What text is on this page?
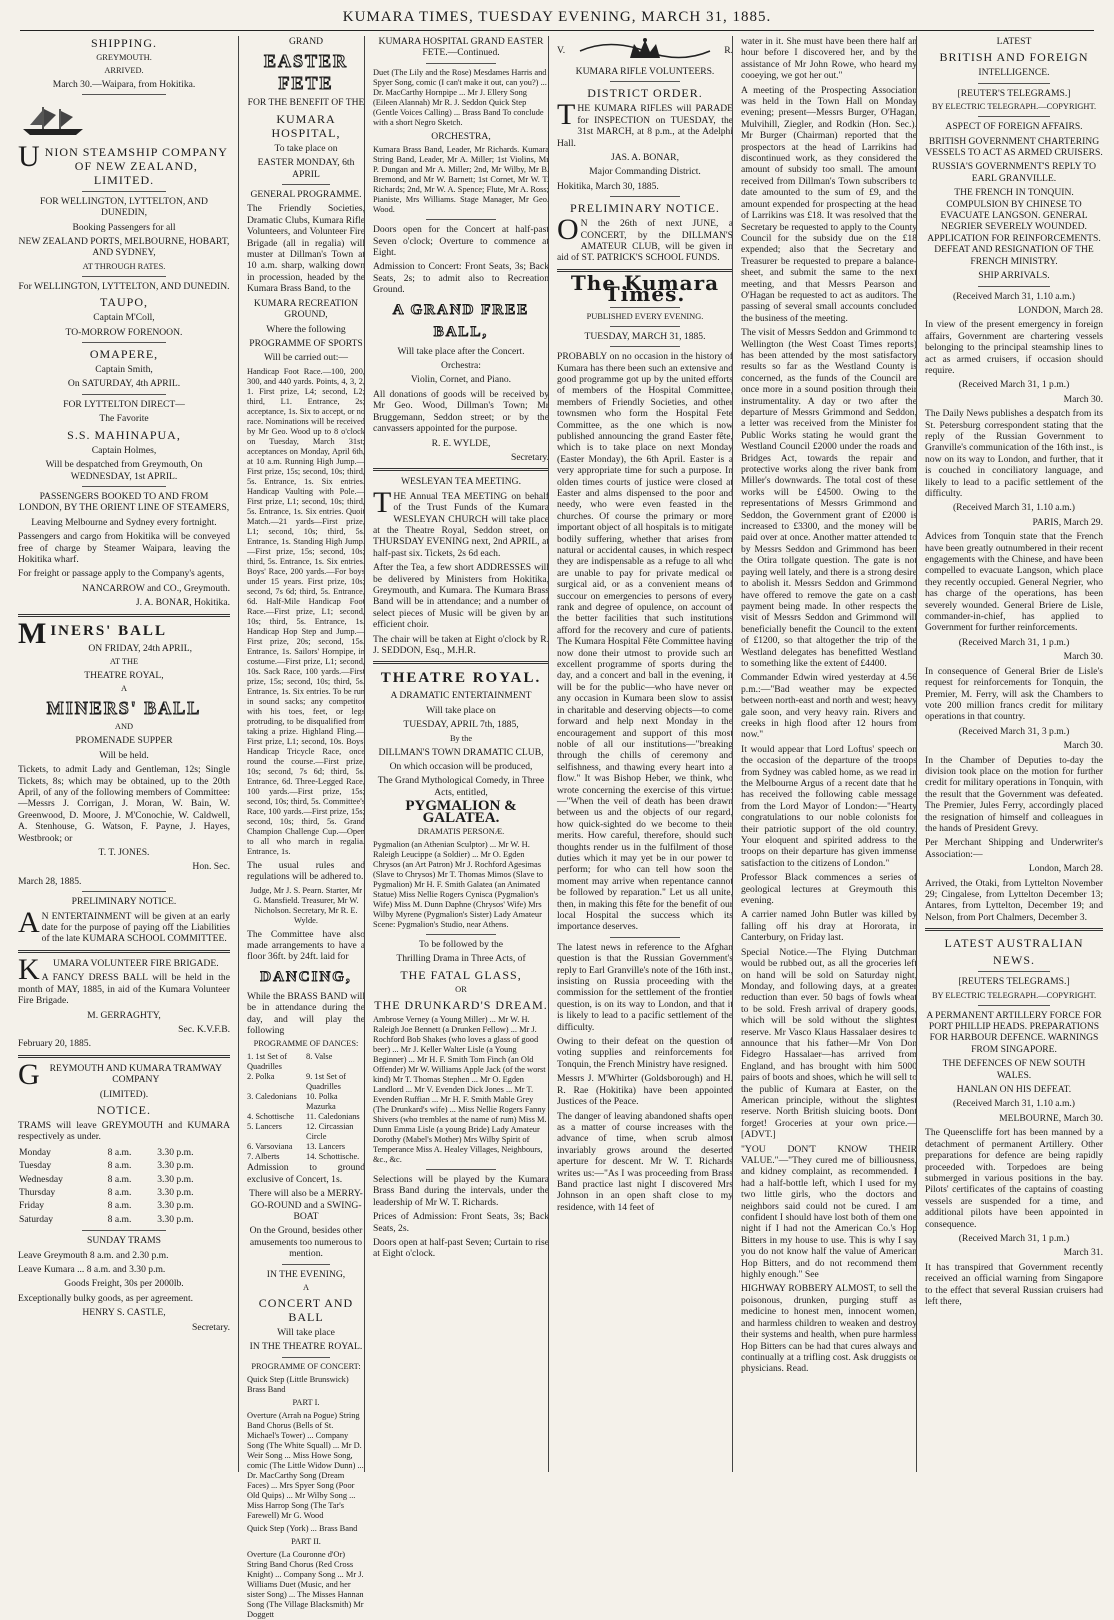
KUMARA TIMES, TUESDAY EVENING, MARCH 31, 1885.

SHIPPING.

GREYMOUTH.

ARRIVED.

March 30.—Waipara, from Hokitika.

UNION STEAMSHIP COMPANY OF NEW ZEALAND, LIMITED.

FOR WELLINGTON, LYTTELTON, AND DUNEDIN,

Booking Passengers for all

NEW ZEALAND PORTS, MELBOURNE, HOBART, AND SYDNEY,

AT THROUGH RATES.

For WELLINGTON, LYTTELTON, AND DUNEDIN.

TAUPO,

Captain M'Coll,

TO-MORROW FORENOON.

OMAPERE,

Captain Smith,

On SATURDAY, 4th APRIL.

FOR LYTTELTON DIRECT—

The Favorite

S.S. MAHINAPUA,

Captain Holmes,

Will be despatched from Greymouth, On WEDNESDAY, 1st APRIL.

PASSENGERS BOOKED TO AND FROM LONDON, BY THE ORIENT LINE OF STEAMERS,

Leaving Melbourne and Sydney every fortnight.

Passengers and cargo from Hokitika will be conveyed free of charge by Steamer Waipara, leaving the Hokitika wharf.

For freight or passage apply to the Company's agents,

NANCARROW and CO., Greymouth.

J. A. BONAR, Hokitika.

MINERS' BALL

ON FRIDAY, 24th APRIL,

AT THE

THEATRE ROYAL,

A

MINERS' BALL

AND

PROMENADE SUPPER

Will be held.

Tickets, to admit Lady and Gentleman, 12s; Single Tickets, 8s; which may be obtained, up to the 20th April, of any of the following members of Committee:—Messrs J. Corrigan, J. Moran, W. Bain, W. Greenwood, D. Moore, J. M'Conochie, W. Caldwell, A. Stenhouse, G. Watson, F. Payne, J. Hayes, Westbrook; or

T. T. JONES.

Hon. Sec.

March 28, 1885.

PRELIMINARY NOTICE.

AN ENTERTAINMENT will be given at an early date for the purpose of paying off the Liabilities of the late KUMARA SCHOOL COMMITTEE.

KUMARA VOLUNTEER FIRE BRIGADE.

A FANCY DRESS BALL will be held in the month of MAY, 1885, in aid of the Kumara Volunteer Fire Brigade.

M. GERRAGHTY,

Sec. K.V.F.B.

February 20, 1885.

GREYMOUTH AND KUMARA TRAMWAY COMPANY

(LIMITED).

NOTICE.

TRAMS will leave GREYMOUTH and KUMARA respectively as under.

Monday	8 a.m.	3.30 p.m.
Tuesday	8 a.m.	3.30 p.m.
Wednesday	8 a.m.	3.30 p.m.
Thursday	8 a.m.	3.30 p.m.
Friday	8 a.m.	3.30 p.m.
Saturday	8 a.m.	3.30 p.m.

SUNDAY TRAMS

Leave Greymouth 8 a.m. and 2.30 p.m.

Leave Kumara ... 8 a.m. and 3.30 p.m.

Goods Freight, 30s per 2000lb.

Exceptionally bulky goods, as per agreement.

HENRY S. CASTLE,

Secretary.

GRAND

EASTER FETE

FOR THE BENEFIT OF THE

KUMARA HOSPITAL,

To take place on

EASTER MONDAY, 6th APRIL

GENERAL PROGRAMME.

The Friendly Societies, Dramatic Clubs, Kumara Rifle Volunteers, and Volunteer Fire Brigade (all in regalia) will muster at Dillman's Town at 10 a.m. sharp, walking down in procession, headed by the Kumara Brass Band, to the

KUMARA RECREATION GROUND,

Where the following

PROGRAMME OF SPORTS

Will be carried out:—

Handicap Foot Race.—100, 200, 300, and 440 yards. Points, 4, 3, 2, 1. First prize, L4; second, L2; third, L1. Entrance, 2s; acceptance, 1s. Six to accept, or no race. Nominations will be received by Mr Geo. Wood up to 8 o'clock on Tuesday, March 31st; acceptances on Monday, April 6th, at 10 a.m. Running High Jump.—First prize, 15s; second, 10s; third, 5s. Entrance, 1s. Six entries. Handicap Vaulting with Pole.—First prize, L1; second, 10s; third, 5s. Entrance, 1s. Six entries. Quoit Match.—21 yards—First prize, L1; second, 10s; third, 5s. Entrance, 1s. Standing High Jump.—First prize, 15s; second, 10s; third, 5s. Entrance, 1s. Six entries. Boys' Race, 200 yards.—For boys under 15 years. First prize, 10s; second, 7s 6d; third, 5s. Entrance, 6d. Half-Mile Handicap Foot Race.—First prize, L1; second, 10s; third, 5s. Entrance, 1s. Handicap Hop Step and Jump.—First prize, 20s; second, 15s. Entrance, 1s. Sailors' Hornpipe, in costume.—First prize, L1; second, 10s. Sack Race, 100 yards.—First prize, 15s; second, 10s; third, 5s. Entrance, 1s. Six entries. To be run in sound sacks; any competitor with his toes, feet, or legs protruding, to be disqualified from taking a prize. Highland Fling.—First prize, L1; second, 10s. Boys' Handicap Tricycle Race, once round the course.—First prize, 10s; second, 7s 6d; third, 5s. Entrance, 6d. Three-Legged Race, 100 yards.—First prize, 15s; second, 10s; third, 5s. Committee's Race, 100 yards.—First prize, 15s; second, 10s; third, 5s. Grand Champion Challenge Cup.—Open to all who march in regalia. Entrance, 1s.

The usual rules and regulations will be adhered to.

Judge, Mr J. S. Pearn. Starter, Mr G. Mansfield. Treasurer, Mr W. Nicholson. Secretary, Mr R. E. Wylde.

The Committee have also made arrangements to have a floor 36ft. by 24ft. laid for

DANCING,

While the BRASS BAND will be in attendance during the day, and will play the following

PROGRAMME OF DANCES:

1. 1st Set of Quadrilles
8. Valse
2. Polka	9. 1st Set of Quadrilles
3. Caledonians	10. Polka Mazurka
4. Schottische	11. Caledonians
5. Lancers	12. Circassian Circle
6. Varsoviana	13. Lancers
7. Alberts	14. Schottische.

Admission to ground exclusive of Concert, 1s.

There will also be a MERRY-GO-ROUND and a SWING-BOAT

On the Ground, besides other amusements too numerous to mention.

IN THE EVENING,

A

CONCERT AND BALL

Will take place

IN THE THEATRE ROYAL.

PROGRAMME OF CONCERT:

Quick Step (Little Brunswick) Brass Band

PART I.

Overture (Arrah na Pogue) String Band Chorus (Bells of St. Michael's Tower) ... Company Song (The White Squall) ... Mr D. Weir Song ... Miss Howe Song, comic (The Little Widow Dunn) ... Dr. MacCarthy Song (Dream Faces) ... Mrs Spyer Song (Poor Old Quips) ... Mr Wilby Song ... Miss Harrop Song (The Tar's Farewell) Mr G. Wood

Quick Step (York) ... Brass Band

PART II.

Overture (La Couronne d'Or) String Band Chorus (Red Cross Knight) ... Company Song ... Mr J. Williams Duet (Music, and her sister Song) ... The Misses Hannan Song (The Village Blacksmith) Mr Doggett

KUMARA HOSPITAL GRAND EASTER FETE.—Continued.

Duet (The Lily and the Rose) Mesdames Harris and Spyer Song, comic (I can't make it out, can you?) ... Dr. MacCarthy Hornpipe ... Mr J. Ellery Song (Eileen Alannah) Mr R. J. Seddon Quick Step (Gentle Voices Calling) ... Brass Band To conclude with a short Negro Sketch.

ORCHESTRA,

Kumara Brass Band, Leader, Mr Richards. Kumara String Band, Leader, Mr A. Miller; 1st Violins, Mr P. Dungan and Mr A. Miller; 2nd, Mr Wilby, Mr B. Bremond, and Mr W. Barnett; 1st Cornet, Mr W. T. Richards; 2nd, Mr W. A. Spence; Flute, Mr A. Ross; Pianiste, Mrs Williams. Stage Manager, Mr Geo. Wood.

Doors open for the Concert at half-past Seven o'clock; Overture to commence at Eight.

Admission to Concert: Front Seats, 3s; Back Seats, 2s; to admit also to Recreation Ground.

A GRAND FREE BALL,

Will take place after the Concert.

Orchestra:

Violin, Cornet, and Piano.

All donations of goods will be received by Mr Geo. Wood, Dillman's Town; Mr Bruggemann, Seddon street; or by the canvassers appointed for the purpose.

R. E. WYLDE,

Secretary.

WESLEYAN TEA MEETING.

THE Annual TEA MEETING on behalf of the Trust Funds of the Kumara WESLEYAN CHURCH will take place at the Theatre Royal, Seddon street, on THURSDAY EVENING next, 2nd APRIL, at half-past six. Tickets, 2s 6d each.

After the Tea, a few short ADDRESSES will be delivered by Ministers from Hokitika, Greymouth, and Kumara. The Kumara Brass Band will be in attendance; and a number of select pieces of Music will be given by an efficient choir.

The chair will be taken at Eight o'clock by R. J. SEDDON, Esq., M.H.R.

THEATRE ROYAL.

A DRAMATIC ENTERTAINMENT

Will take place on

TUESDAY, APRIL 7th, 1885,

By the

DILLMAN'S TOWN DRAMATIC CLUB,

On which occasion will be produced,

The Grand Mythological Comedy, in Three Acts, entitled,

PYGMALION & GALATEA.

DRAMATIS PERSONÆ.

Pygmalion (an Athenian Sculptor) ... Mr W. H. Raleigh Leucippe (a Soldier) ... Mr O. Egden Chrysos (an Art Patron) Mr J. Rochford Agesimas (Slave to Chrysos) Mr T. Thomas Mimos (Slave to Pygmalion) Mr H. F. Smith Galatea (an Animated Statue) Miss Nellie Rogers Cynisca (Pygmalion's Wife) Miss M. Dunn Daphne (Chrysos' Wife) Mrs Wilby Myrene (Pygmalion's Sister) Lady Amateur Scene: Pygmalion's Studio, near Athens.

To be followed by the

Thrilling Drama in Three Acts, of

THE FATAL GLASS,

OR

THE DRUNKARD'S DREAM.

Ambrose Verney (a Young Miller) ... Mr W. H. Raleigh Joe Bennett (a Drunken Fellow) ... Mr J. Rochford Bob Shakes (who loves a glass of good beer) ... Mr J. Keller Walter Lisle (a Young Beginner) ... Mr H. F. Smith Tom Finch (an Old Offender) Mr W. Williams Apple Jack (of the worst kind) Mr T. Thomas Stephen ... Mr O. Egden Landlord ... Mr V. Evenden Dick Jones ... Mr T. Evenden Ruffian ... Mr H. F. Smith Mable Grey (The Drunkard's wife) ... Miss Nellie Rogers Fanny Shivers (who trembles at the name of rum) Miss M. Dunn Emma Lisle (a young Bride) Lady Amateur Dorothy (Mabel's Mother) Mrs Wilby Spirit of Temperance Miss A. Healey Villages, Neighbours, &c., &c.

Selections will be played by the Kumara Brass Band during the intervals, under the leadership of Mr W. T. Richards.

Prices of Admission: Front Seats, 3s; Back Seats, 2s.

Doors open at half-past Seven; Curtain to rise at Eight o'clock.

V.	R.

KUMARA RIFLE VOLUNTEERS.

DISTRICT ORDER.

THE KUMARA RIFLES will PARADE for INSPECTION on TUESDAY, the 31st MARCH, at 8 p.m., at the Adelphi Hall.

JAS. A. BONAR,

Major Commanding District.

Hokitika, March 30, 1885.

PRELIMINARY NOTICE.

ON the 26th of next JUNE, a CONCERT, by the DILLMAN'S AMATEUR CLUB, will be given in aid of ST. PATRICK'S SCHOOL FUNDS.

The Kumara Times.

PUBLISHED EVERY EVENING.

TUESDAY, MARCH 31, 1885.

PROBABLY on no occasion in the history of Kumara has there been such an extensive and good programme got up by the united efforts of members of the Hospital Committee, members of Friendly Societies, and other townsmen who form the Hospital Fete Committee, as the one which is now published announcing the grand Easter fête, which is to take place on next Monday (Easter Monday), the 6th April. Easter is a very appropriate time for such a purpose. In olden times courts of justice were closed at Easter and alms dispensed to the poor and needy, who were even feasted in the churches. Of course the primary or more important object of all hospitals is to mitigate bodily suffering, whether that arises from natural or accidental causes, in which respect they are indispensable as a refuge to all who are unable to pay for private medical or surgical aid, or as a convenient means of succour on emergencies to persons of every rank and degree of opulence, on account of the better facilities that such institutions afford for the recovery and cure of patients. The Kumara Hospital Fête Committee having now done their utmost to provide such an excellent programme of sports during the day, and a concert and ball in the evening, it will be for the public—who have never on any occasion in Kumara been slow to assist in charitable and deserving objects—to come forward and help next Monday in the encouragement and support of this most noble of all our institutions—"breaking through the chills of ceremony and selfishness, and thawing every heart into a flow." It was Bishop Heber, we think, who wrote concerning the exercise of this virtue:—"When the veil of death has been drawn between us and the objects of our regard, how quick-sighted do we become to their merits. How careful, therefore, should such thoughts render us in the fulfilment of those duties which it may yet be in our power to perform; for who can tell how soon the moment may arrive when repentance cannot be followed by reparation." Let us all unite, then, in making this fête for the benefit of our local Hospital the success which its importance deserves.

The latest news in reference to the Afghan question is that the Russian Government's reply to Earl Granville's note of the 16th inst., insisting on Russia proceeding with the commission for the settlement of the frontier question, is on its way to London, and that it is likely to lead to a pacific settlement of the difficulty.

Owing to their defeat on the question of voting supplies and reinforcements for Tonquin, the French Ministry have resigned.

Messrs J. M'Whirter (Goldsborough) and H. R. Rae (Hokitika) have been appointed Justices of the Peace.

The danger of leaving abandoned shafts open as a matter of course increases with the advance of time, when scrub almost invariably grows around the deserted aperture for descent. Mr W. T. Richards writes us:—"As I was proceeding from Brass Band practice last night I discovered Mrs Johnson in an open shaft close to my residence, with 14 feet of

water in it. She must have been there half an hour before I discovered her, and by the assistance of Mr John Rowe, who heard my cooeying, we got her out."

A meeting of the Prospecting Association was held in the Town Hall on Monday evening; present—Messrs Burger, O'Hagan, Mulvihill, Ziegler, and Rodkin (Hon. Sec.). Mr Burger (Chairman) reported that the prospectors at the head of Larrikins had discontinued work, as they considered the amount of subsidy too small. The amount received from Dillman's Town subscribers to date amounted to the sum of £9, and the amount expended for prospecting at the head of Larrikins was £18. It was resolved that the Secretary be requested to apply to the County Council for the subsidy due on the £18 expended; also that the Secretary and Treasurer be requested to prepare a balance-sheet, and submit the same to the next meeting, and that Messrs Pearson and O'Hagan be requested to act as auditors. The passing of several small accounts concluded the business of the meeting.

The visit of Messrs Seddon and Grimmond to Wellington (the West Coast Times reports) has been attended by the most satisfactory results so far as the Westland County is concerned, as the funds of the Council are once more in a sound position through their instrumentality. A day or two after the departure of Messrs Grimmond and Seddon, a letter was received from the Minister for Public Works stating he would grant the Westland Council £2000 under the roads and Bridges Act, towards the repair and protective works along the river bank from Miller's downwards. The total cost of these works will be £4500. Owing to the representations of Messrs Grimmond and Seddon, the Government grant of £2000 is increased to £3300, and the money will be paid over at once. Another matter attended to by Messrs Seddon and Grimmond has been the Otira tollgate question. The gate is not paying well lately, and there is a strong desire to abolish it. Messrs Seddon and Grimmond have offered to remove the gate on a cash payment being made. In other respects the visit of Messrs Seddon and Grimmond will beneficially benefit the Council to the extent of £1200, so that altogether the trip of the Westland delegates has benefitted Westland to something like the extent of £4400.

Commander Edwin wired yesterday at 4.56 p.m.:—"Bad weather may be expected between north-east and north and west; heavy gale soon, and very heavy rain. Rivers and creeks in high flood after 12 hours from now."

It would appear that Lord Loftus' speech on the occasion of the departure of the troops from Sydney was cabled home, as we read in the Melbourne Argus of a recent date that he has received the following cable message from the Lord Mayor of London:—"Hearty congratulations to our noble colonists for their patriotic support of the old country. Your eloquent and spirited address to the troops on their departure has given immense satisfaction to the citizens of London."

Professor Black commences a series of geological lectures at Greymouth this evening.

A carrier named John Butler was killed by falling off his dray at Hororata, in Canterbury, on Friday last.

Special Notice.—The Flying Dutchman would be rubbed out, as all the groceries left on hand will be sold on Saturday night, Monday, and following days, at a greater reduction than ever. 50 bags of fowls wheat to be sold. Fresh arrival of drapery goods, which will be sold without the slightest reserve. Mr Vasco Klaus Hassalaer desires to announce that his father—Mr Von Don Fidegro Hassalaer—has arrived from England, and has brought with him 5000 pairs of boots and shoes, which he will sell to the public of Kumara at Easter, on the American principle, without the slightest reserve. North British sluicing boots. Dont forget! Groceries at your own price.—[ADVT.]

"YOU DON'T KNOW THEIR VALUE."—"They cured me of billiousness, and kidney complaint, as recommended. I had a half-bottle left, which I used for my two little girls, who the doctors and neighbors said could not be cured. I am confident I should have lost both of them one night if I had not the American Co.'s Hop Bitters in my house to use. This is why I say you do not know half the value of American Hop Bitters, and do not recommend them highly enough." See

HIGHWAY ROBBERY ALMOST, to sell the poisonous, drunken, purging stuff as medicine to honest men, innocent women, and harmless children to weaken and destroy their systems and health, when pure harmless Hop Bitters can be had that cures always and continually at a trifling cost. Ask druggists or physicians. Read.

LATEST

BRITISH AND FOREIGN

INTELLIGENCE.

[REUTER'S TELEGRAMS.]

BY ELECTRIC TELEGRAPH.—COPYRIGHT.

ASPECT OF FOREIGN AFFAIRS.

BRITISH GOVERNMENT CHARTERING VESSELS TO ACT AS ARMED CRUISERS.

RUSSIA'S GOVERNMENT'S REPLY TO EARL GRANVILLE.

THE FRENCH IN TONQUIN. COMPULSION BY CHINESE TO EVACUATE LANGSON. GENERAL NEGRIER SEVERELY WOUNDED. APPLICATION FOR REINFORCEMENTS. DEFEAT AND RESIGNATION OF THE FRENCH MINISTRY.

SHIP ARRIVALS.

(Received March 31, 1.10 a.m.)

LONDON, March 28.

In view of the present emergency in foreign affairs, Government are chartering vessels belonging to the principal steamship lines to act as armed cruisers, if occasion should require.

(Received March 31, 1 p.m.)

March 30.

The Daily News publishes a despatch from its St. Petersburg correspondent stating that the reply of the Russian Government to Granville's communication of the 16th inst., is now on its way to London, and further, that it is couched in conciliatory language, and likely to lead to a pacific settlement of the difficulty.

(Received March 31, 1.10 a.m.)

PARIS, March 29.

Advices from Tonquin state that the French have been greatly outnumbered in their recent engagements with the Chinese, and have been compelled to evacuate Langson, which place they recently occupied. General Negrier, who has charge of the operations, has been severely wounded. General Briere de Lisle, commander-in-chief, has applied to Government for further reinforcements.

(Received March 31, 1 p.m.)

March 30.

In consequence of General Brier de Lisle's request for reinforcements for Tonquin, the Premier, M. Ferry, will ask the Chambers to vote 200 million francs credit for military operations in that country.

(Received March 31, 3 p.m.)

March 30.

In the Chamber of Deputies to-day the division took place on the motion for further credit for military operations in Tonquin, with the result that the Government was defeated. The Premier, Jules Ferry, accordingly placed the resignation of himself and colleagues in the hands of President Grevy.

Per Merchant Shipping and Underwriter's Association:—

London, March 28.

Arrived, the Otaki, from Lyttelton November 29; Cingalese, from Lyttelton December 13; Antares, from Lyttelton, December 19; and Nelson, from Port Chalmers, December 3.

LATEST AUSTRALIAN

NEWS.

[REUTERS TELEGRAMS.]

BY ELECTRIC TELEGRAPH.—COPYRIGHT.

A PERMANENT ARTILLERY FORCE FOR PORT PHILLIP HEADS. PREPARATIONS FOR HARBOUR DEFENCE. WARNINGS FROM SINGAPORE.

THE DEFENCES OF NEW SOUTH WALES.

HANLAN ON HIS DEFEAT.

(Received March 31, 1.10 a.m.)

MELBOURNE, March 30.

The Queenscliffe fort has been manned by a detachment of permanent Artillery. Other preparations for defence are being rapidly proceeded with. Torpedoes are being submerged in various positions in the bay. Pilots' certificates of the captains of coasting vessels are suspended for a time, and additional pilots have been appointed in consequence.

(Received March 31, 1 p.m.)

March 31.

It has transpired that Government recently received an official warning from Singapore to the effect that several Russian cruisers had left there,
